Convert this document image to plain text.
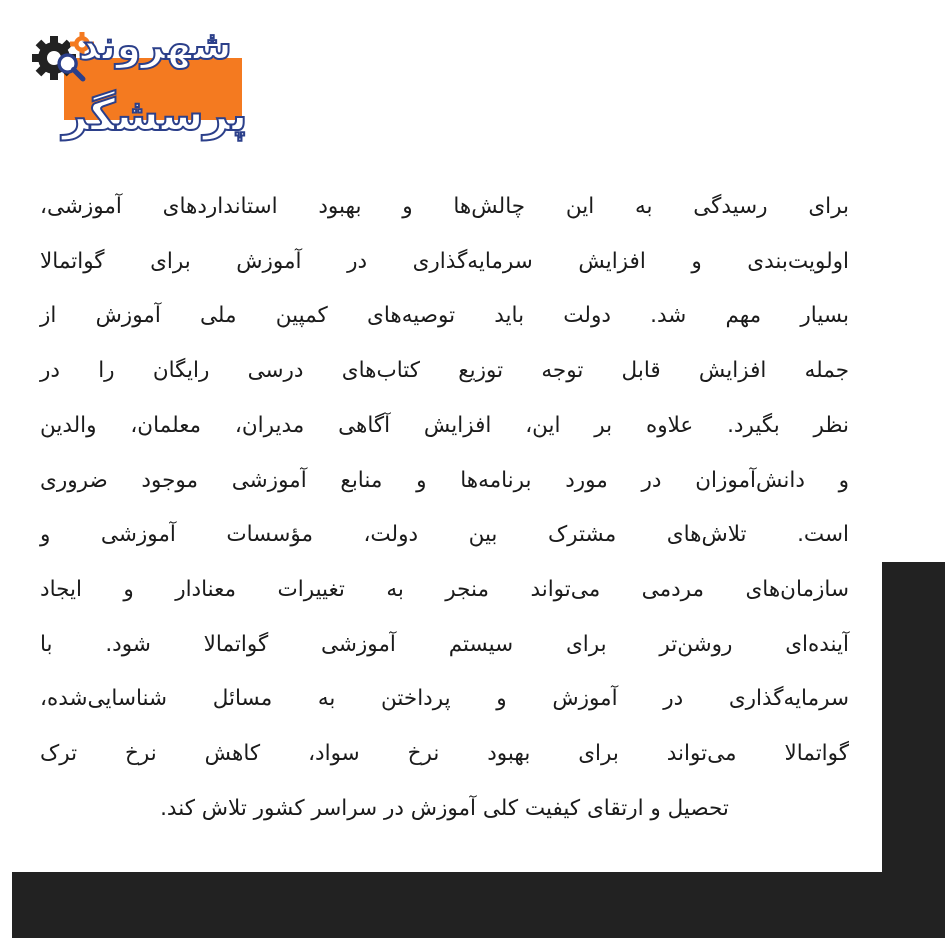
شهروند
پرسشگر

برای رسیدگی به این چالش‌ها و بهبود استانداردهای آموزشی،
اولویت‌بندی و افزایش سرمایه‌گذاری در آموزش برای گواتمالا
بسیار مهم شد. دولت باید توصیه‌های کمپین ملی آموزش از
جمله افزایش قابل توجه توزیع کتاب‌های درسی رایگان را در
نظر بگیرد. علاوه بر این، افزایش آگاهی مدیران، معلمان، والدین
و دانش‌آموزان در مورد برنامه‌ها و منابع آموزشی موجود ضروری
است. تلاش‌های مشترک بین دولت، مؤسسات آموزشی و
سازمان‌های مردمی می‌تواند منجر به تغییرات معنادار و ایجاد
آینده‌ای روشن‌تر برای سیستم آموزشی گواتمالا شود. با
سرمایه‌گذاری در آموزش و پرداختن به مسائل شناسایی‌شده،
گواتمالا می‌تواند برای بهبود نرخ سواد، کاهش نرخ ترک
تحصیل و ارتقای کیفیت کلی آموزش در سراسر کشور تلاش کند.
